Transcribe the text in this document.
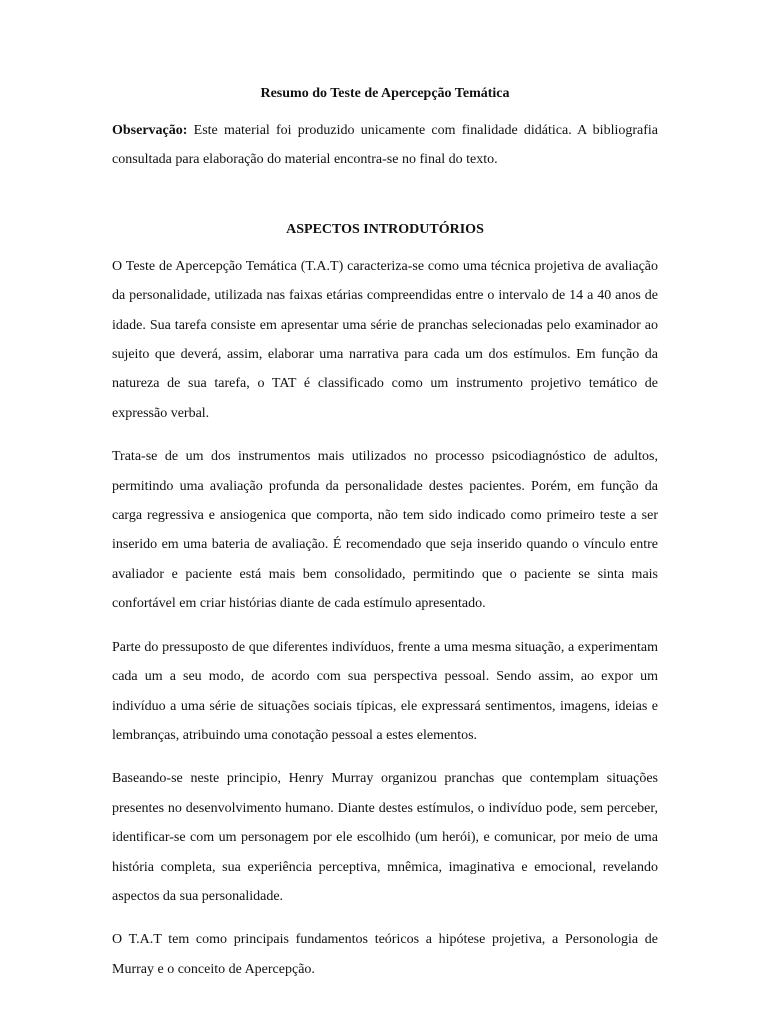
Resumo do Teste de Apercepção Temática

Observação: Este material foi produzido unicamente com finalidade didática. A bibliografia consultada para elaboração do material encontra-se no final do texto.

ASPECTOS INTRODUTÓRIOS

O Teste de Apercepção Temática (T.A.T) caracteriza-se como uma técnica projetiva de avaliação da personalidade, utilizada nas faixas etárias compreendidas entre o intervalo de 14 a 40 anos de idade. Sua tarefa consiste em apresentar uma série de pranchas selecionadas pelo examinador ao sujeito que deverá, assim, elaborar uma narrativa para cada um dos estímulos. Em função da natureza de sua tarefa, o TAT é classificado como um instrumento projetivo temático de expressão verbal.

Trata-se de um dos instrumentos mais utilizados no processo psicodiagnóstico de adultos, permitindo uma avaliação profunda da personalidade destes pacientes. Porém, em função da carga regressiva e ansiogenica que comporta, não tem sido indicado como primeiro teste a ser inserido em uma bateria de avaliação. É recomendado que seja inserido quando o vínculo entre avaliador e paciente está mais bem consolidado, permitindo que o paciente se sinta mais confortável em criar histórias diante de cada estímulo apresentado.

Parte do pressuposto de que diferentes indivíduos, frente a uma mesma situação, a experimentam cada um a seu modo, de acordo com sua perspectiva pessoal. Sendo assim, ao expor um indivíduo a uma série de situações sociais típicas, ele expressará sentimentos, imagens, ideias e lembranças, atribuindo uma conotação pessoal a estes elementos.

Baseando-se neste principio, Henry Murray organizou pranchas que contemplam situações presentes no desenvolvimento humano. Diante destes estímulos, o indivíduo pode, sem perceber, identificar-se com um personagem por ele escolhido (um herói), e comunicar, por meio de uma história completa, sua experiência perceptiva, mnêmica, imaginativa e emocional, revelando aspectos da sua personalidade.

O T.A.T tem como principais fundamentos teóricos a hipótese projetiva, a Personologia de Murray e o conceito de Apercepção.
